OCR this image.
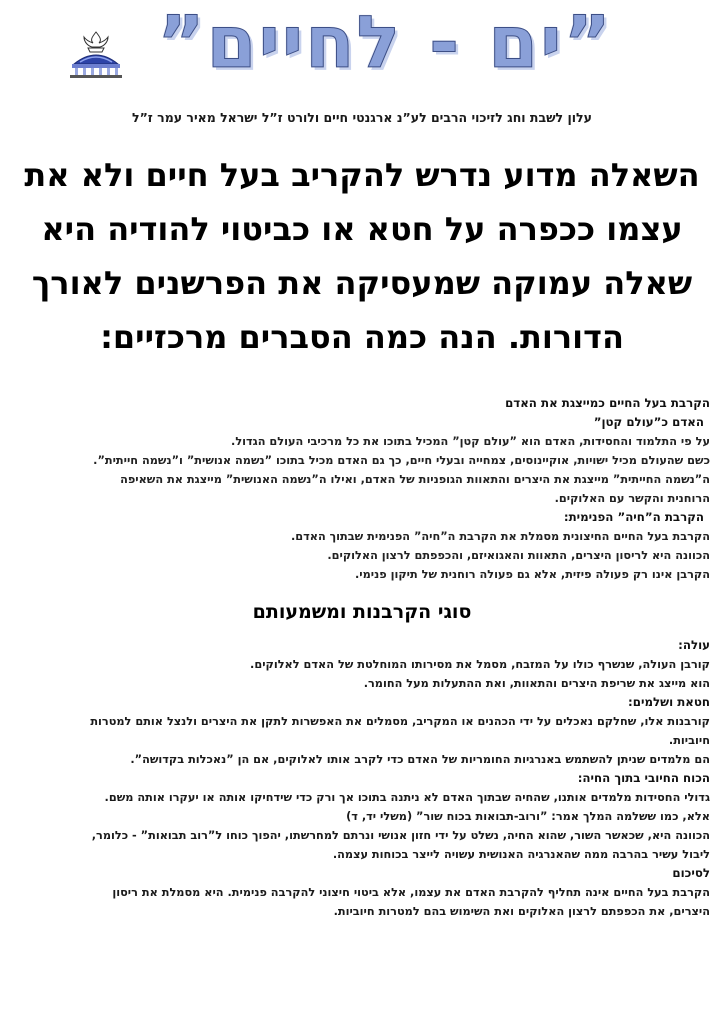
”ים - לחיים”
עלון לשבת וחג לזיכוי הרבים לע”נ ארגנטי חיים ולורט ז”ל ישראל מאיר עמר ז”ל
השאלה מדוע נדרש להקריב בעל חיים ולא את עצמו ככפרה על חטא או כביטוי להודיה היא שאלה עמוקה שמעסיקה את הפרשנים לאורך הדורות. הנה כמה הסברים מרכזיים:
הקרבת בעל החיים כמייצגת את האדם
האדם כ”עולם קטן”
על פי התלמוד והחסידות, האדם הוא ”עולם קטן” המכיל בתוכו את כל מרכיבי העולם הגדול.
כשם שהעולם מכיל ישויות, אוקיינוסים, צמחייה ובעלי חיים, כך גם האדם מכיל בתוכו ”נשמה אנושית” ו”נשמה חייתית”.
ה”נשמה החייתית” מייצגת את היצרים והתאוות הגופניות של האדם, ואילו ה”נשמה האנושית” מייצגת את השאיפה
הרוחנית והקשר עם האלוקים.
הקרבת ה”חיה” הפנימית:
הקרבת בעל החיים החיצונית מסמלת את הקרבת ה”חיה” הפנימית שבתוך האדם.
הכוונה היא לריסון היצרים, התאוות והאגואיזם, והכפפתם לרצון האלוקים.
הקרבן אינו רק פעולה פיזית, אלא גם פעולה רוחנית של תיקון פנימי.
סוגי הקרבנות ומשמעותם
עולה:
קורבן העולה, שנשרף כולו על המזבח, מסמל את מסירותו המוחלטת של האדם לאלוקים.
הוא מייצג את שריפת היצרים והתאוות, ואת ההתעלות מעל החומר.
חטאת ושלמים:
קורבנות אלו, שחלקם נאכלים על ידי הכהנים או המקריב, מסמלים את האפשרות לתקן את היצרים ולנצל אותם למטרות
חיוביות.
הם מלמדים שניתן להשתמש באנרגיות החומריות של האדם כדי לקרב אותו לאלוקים, אם הן ”נאכלות בקדושה”.
הכוח החיובי בתוך החיה:
גדולי החסידות מלמדים אותנו, שהחיה שבתוך האדם לא ניתנה בתוכו אך ורק כדי שידחיקו אותה או יעקרו אותה משם.
אלא, כמו ששלמה המלך אמר: ”ורוב-תבואות בכוח שור” (משלי יד, ד)
הכוונה היא, שכאשר השור, שהוא החיה, נשלט על ידי חזון אנושי ונרתם למחרשתו, יהפוך כוחו ל”רוב תבואות” - כלומר,
ליבול עשיר בהרבה ממה שהאנרגיה האנושית עשויה לייצר בכוחות עצמה.
לסיכום
הקרבת בעל החיים אינה תחליף להקרבת האדם את עצמו, אלא ביטוי חיצוני להקרבה פנימית. היא מסמלת את ריסון
היצרים, את הכפפתם לרצון האלוקים ואת השימוש בהם למטרות חיוביות.
